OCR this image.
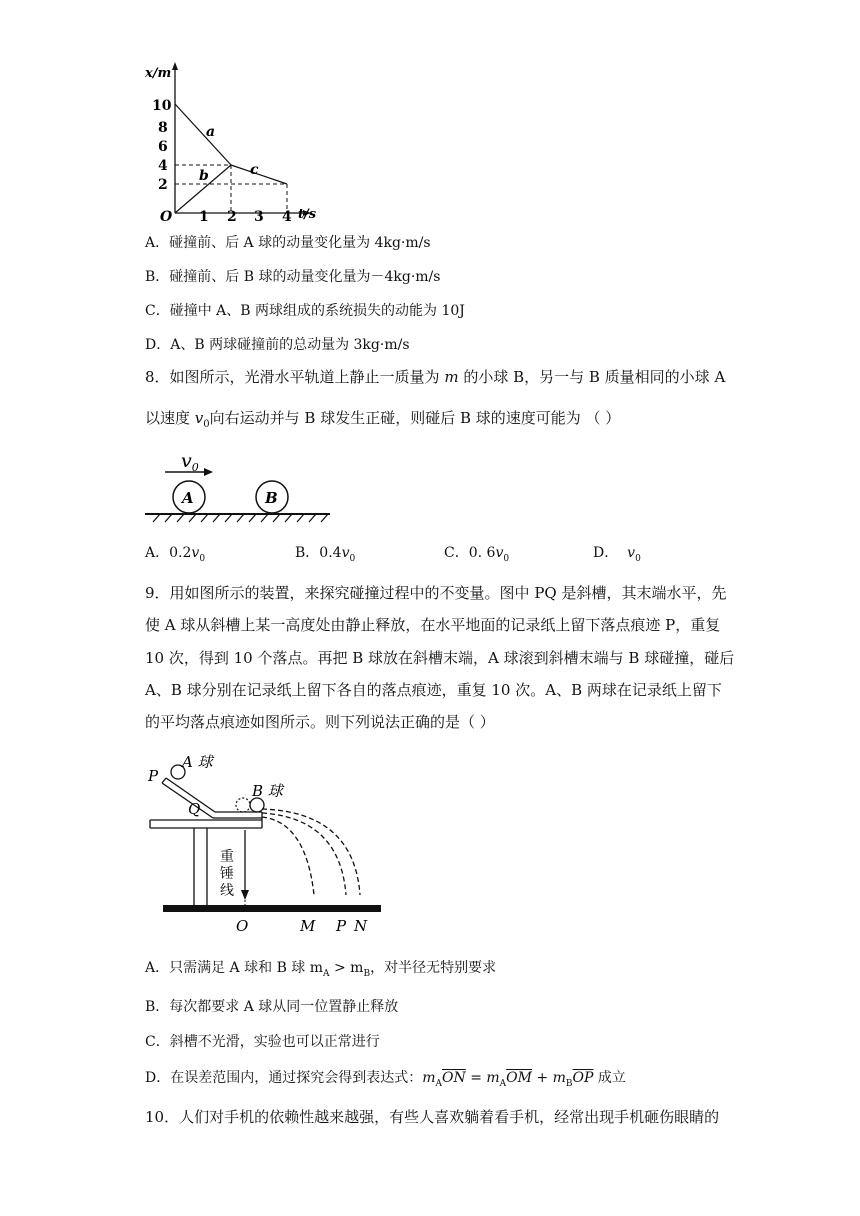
x/m
10
8
6
4
2
O 1 2 3 4 t/s
a
b	c
A．碰撞前、后 A 球的动量变化量为 4kg·m/s
B．碰撞前、后 B 球的动量变化量为－4kg·m/s
C．碰撞中 A、B 两球组成的系统损失的动能为 10J
D．A、B 两球碰撞前的总动量为 3kg·m/s
8．如图所示，光滑水平轨道上静止一质量为 m 的小球 B，另一与 B 质量相同的小球 A
以速度 $v_0$向右运动并与 B 球发生正碰，则碰后 B 球的速度可能为 （ ）
$v_0$
A	B
A．$0.2v_0$	B．$0.4v_0$	C．0. $6v_0$	D． $v_0$
9．用如图所示的装置，来探究碰撞过程中的不变量。图中 PQ 是斜槽，其末端水平，先
使 A 球从斜槽上某一高度处由静止释放，在水平地面的记录纸上留下落点痕迹 P，重复
10 次，得到 10 个落点。再把 B 球放在斜槽末端，A 球滚到斜槽末端与 B 球碰撞，碰后
A、B 球分别在记录纸上留下各自的落点痕迹，重复 10 次。A、B 两球在记录纸上留下
的平均落点痕迹如图所示。则下列说法正确的是（ ）
P
A 球
Q
B 球
重
锤
线
O	M P N
A．只需满足 A 球和 B 球 $m_A > m_B$，对半径无特别要求
B．每次都要求 A 球从同一位置静止释放
C．斜槽不光滑，实验也可以正常进行
D．在误差范围内，通过探究会得到表达式：$m_A\overline{ON} = m_A\overline{OM} + m_B\overline{OP}$ 成立
10．人们对手机的依赖性越来越强，有些人喜欢躺着看手机，经常出现手机砸伤眼睛的
